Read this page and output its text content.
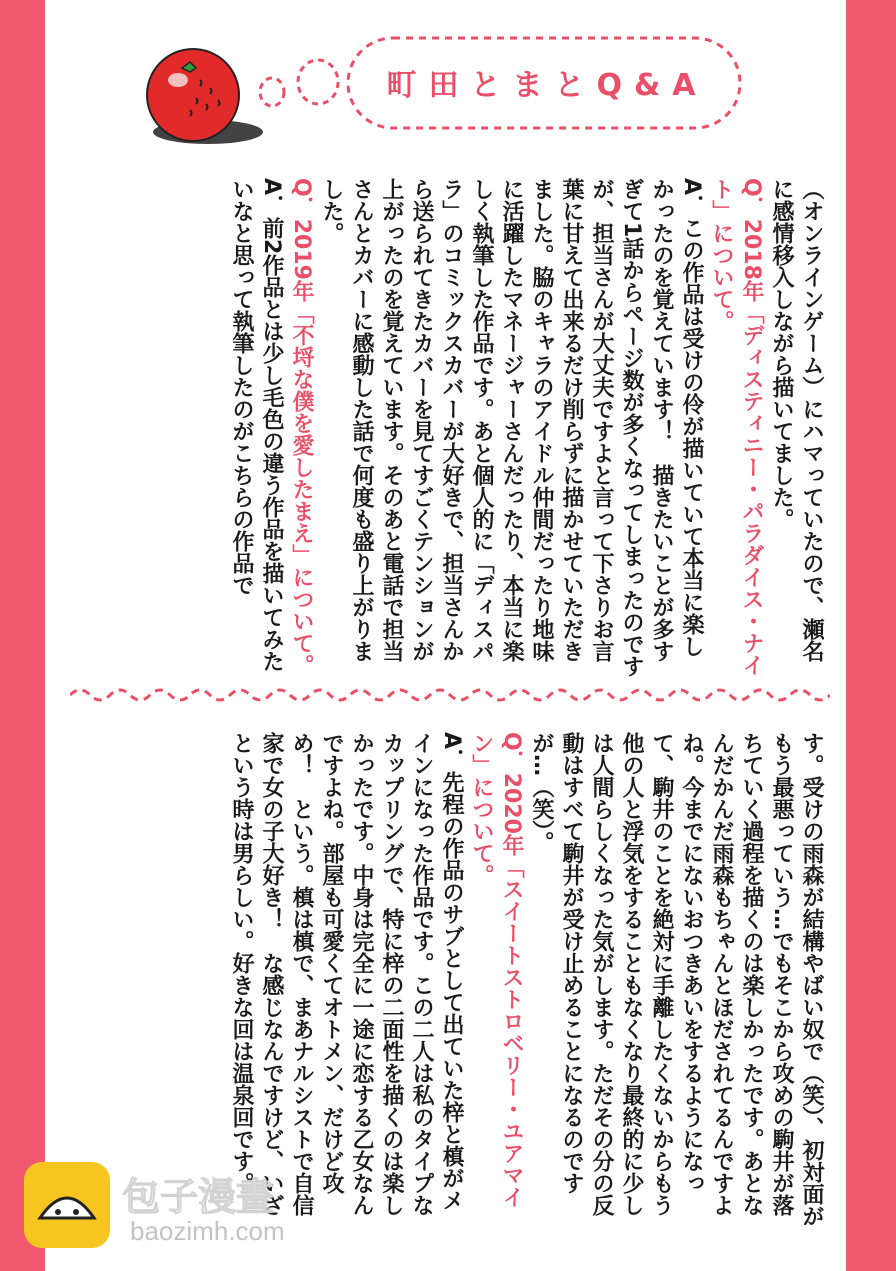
町田とまとQ&A

（オンラインゲーム）にハマっていたので、瀬名に感情移入しながら描いてました。

Q．2018年「ディスティニー・パラダイス・ナイト」について。

A．この作品は受けの伶が描いていて本当に楽しかったのを覚えています！　描きたいことが多すぎて1話からページ数が多くなってしまったのですが、担当さんが大丈夫ですよと言って下さりお言葉に甘えて出来るだけ削らずに描かせていただきました。脇のキャラのアイドル仲間だったり地味に活躍したマネージャーさんだったり、本当に楽しく執筆した作品です。あと個人的に「ディスパラ」のコミックスカバーが大好きで、担当さんから送られてきたカバーを見てすごくテンションが上がったのを覚えています。そのあと電話で担当さんとカバーに感動した話で何度も盛り上がりました。

Q．2019年「不埒な僕を愛したまえ」について。

A．前2作品とは少し毛色の違う作品を描いてみたいなと思って執筆したのがこちらの作品で

す。受けの雨森が結構やばい奴で（笑）、初対面がもう最悪っていう…でもそこから攻めの駒井が落ちていく過程を描くのは楽しかったです。あとなんだかんだ雨森もちゃんとほだされてるんですよね。今までにないおつきあいをするようになって、駒井のことを絶対に手離したくないからもう他の人と浮気をすることもなくなり最終的に少しは人間らしくなった気がします。ただその分の反動はすべて駒井が受け止めることになるのですが…（笑）。

Q．2020年「スイートストロベリー・ユアマイン」について。

A．先程の作品のサブとして出ていた梓と槙がメインになった作品です。この二人は私のタイプなカップリングで、特に梓の二面性を描くのは楽しかったです。中身は完全に一途に恋する乙女なんですよね。部屋も可愛くてオトメン、だけど攻め！　という。槙は槙で、まあナルシストで自信家で女の子大好き！　な感じなんですけど、いざという時は男らしい。好きな回は温泉回です。

包子漫畫
baozimh.com
